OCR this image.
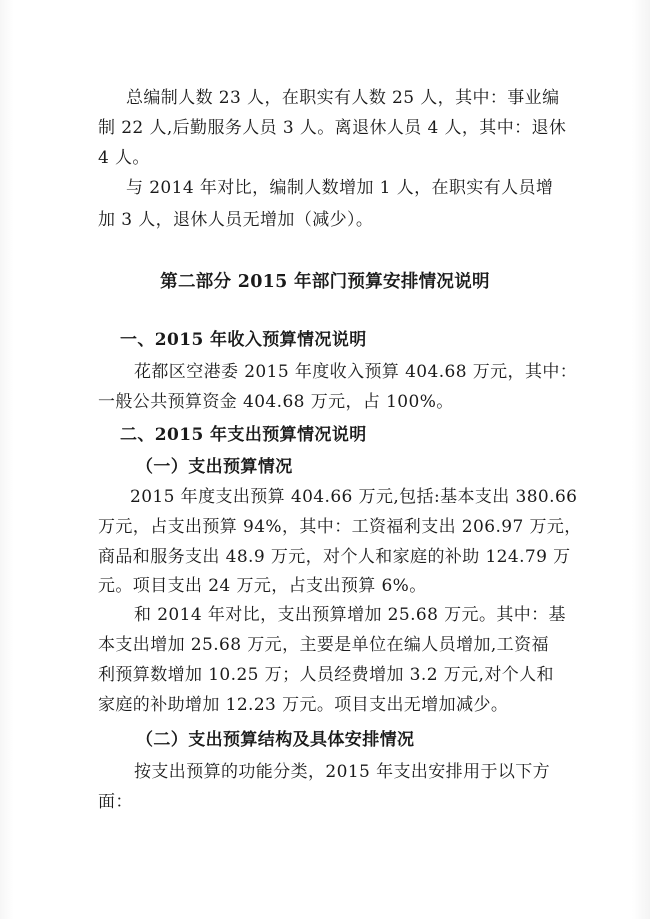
总编制人数 23 人，在职实有人数 25 人，其中：事业编
制 22 人,后勤服务人员 3 人。离退休人员 4 人，其中：退休
4 人。
与 2014 年对比，编制人数增加 1 人，在职实有人员增
加 3 人，退休人员无增加（减少）。
第二部分 2015 年部门预算安排情况说明
一、2015 年收入预算情况说明
花都区空港委 2015 年度收入预算 404.68 万元，其中：
一般公共预算资金 404.68 万元，占 100%。
二、2015 年支出预算情况说明
（一）支出预算情况
2015 年度支出预算 404.66 万元,包括:基本支出 380.66
万元，占支出预算 94%，其中：工资福利支出 206.97 万元，
商品和服务支出 48.9 万元，对个人和家庭的补助 124.79 万
元。项目支出 24 万元，占支出预算 6%。
和 2014 年对比，支出预算增加 25.68 万元。其中：基
本支出增加 25.68 万元，主要是单位在编人员增加,工资福
利预算数增加 10.25 万；人员经费增加 3.2 万元,对个人和
家庭的补助增加 12.23 万元。项目支出无增加减少。
（二）支出预算结构及具体安排情况
按支出预算的功能分类，2015 年支出安排用于以下方
面：
